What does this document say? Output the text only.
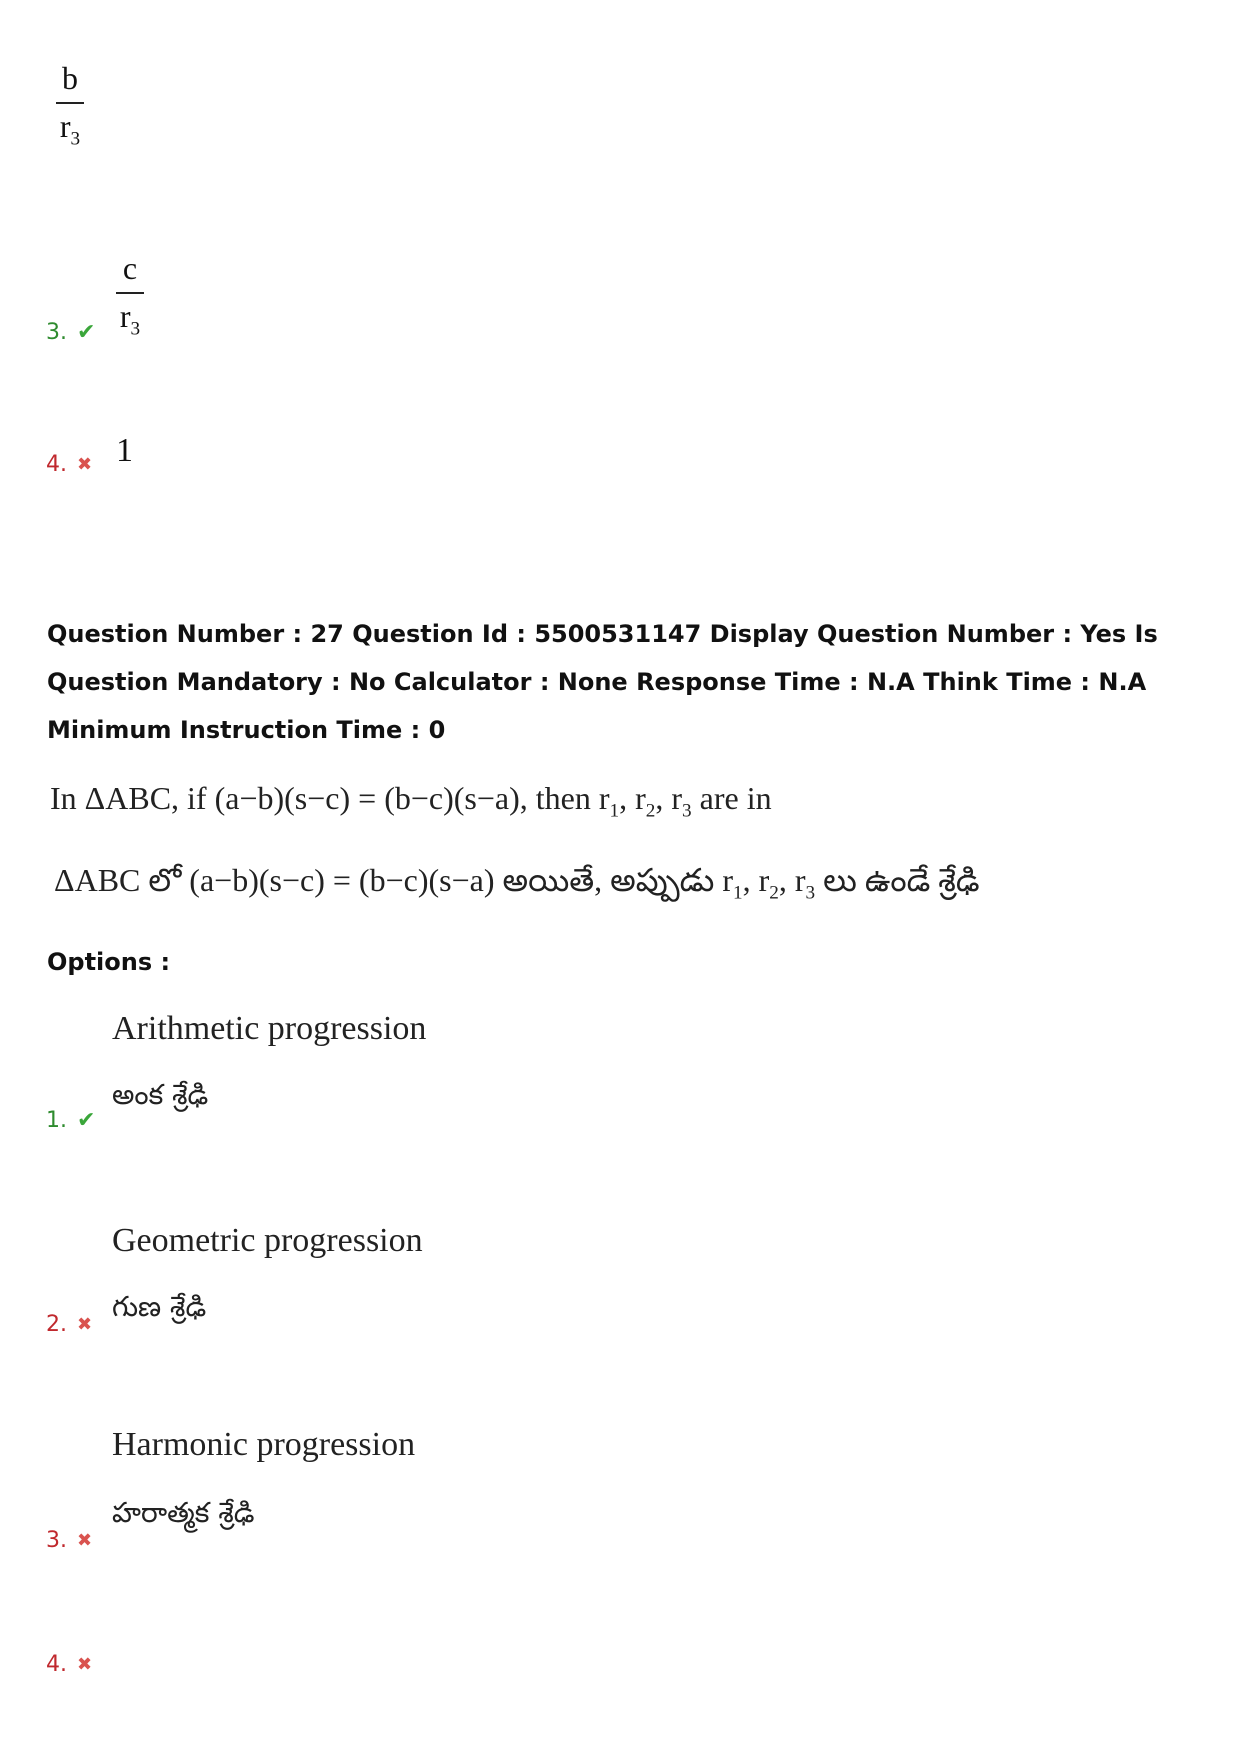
b
$r_3$
3. ✔
c
$r_3$
4. ✖ 1
Question Number : 27 Question Id : 5500531147 Display Question Number : Yes Is Question Mandatory : No Calculator : None Response Time : N.A Think Time : N.A Minimum Instruction Time : 0
In ΔABC, if (a−b)(s−c) = (b−c)(s−a), then $r_1$, $r_2$, $r_3$ are in
ΔABC లో (a−b)(s−c) = (b−c)(s−a) అయితే, అప్పుడు $r_1$, $r_2$, $r_3$ లు ఉండే శ్రేఢి
Options :
Arithmetic progression
అంక శ్రేఢి
1. ✔
Geometric progression
గుణ శ్రేఢి
2. ✖
Harmonic progression
హరాత్మక శ్రేఢి
3. ✖
4. ✖
